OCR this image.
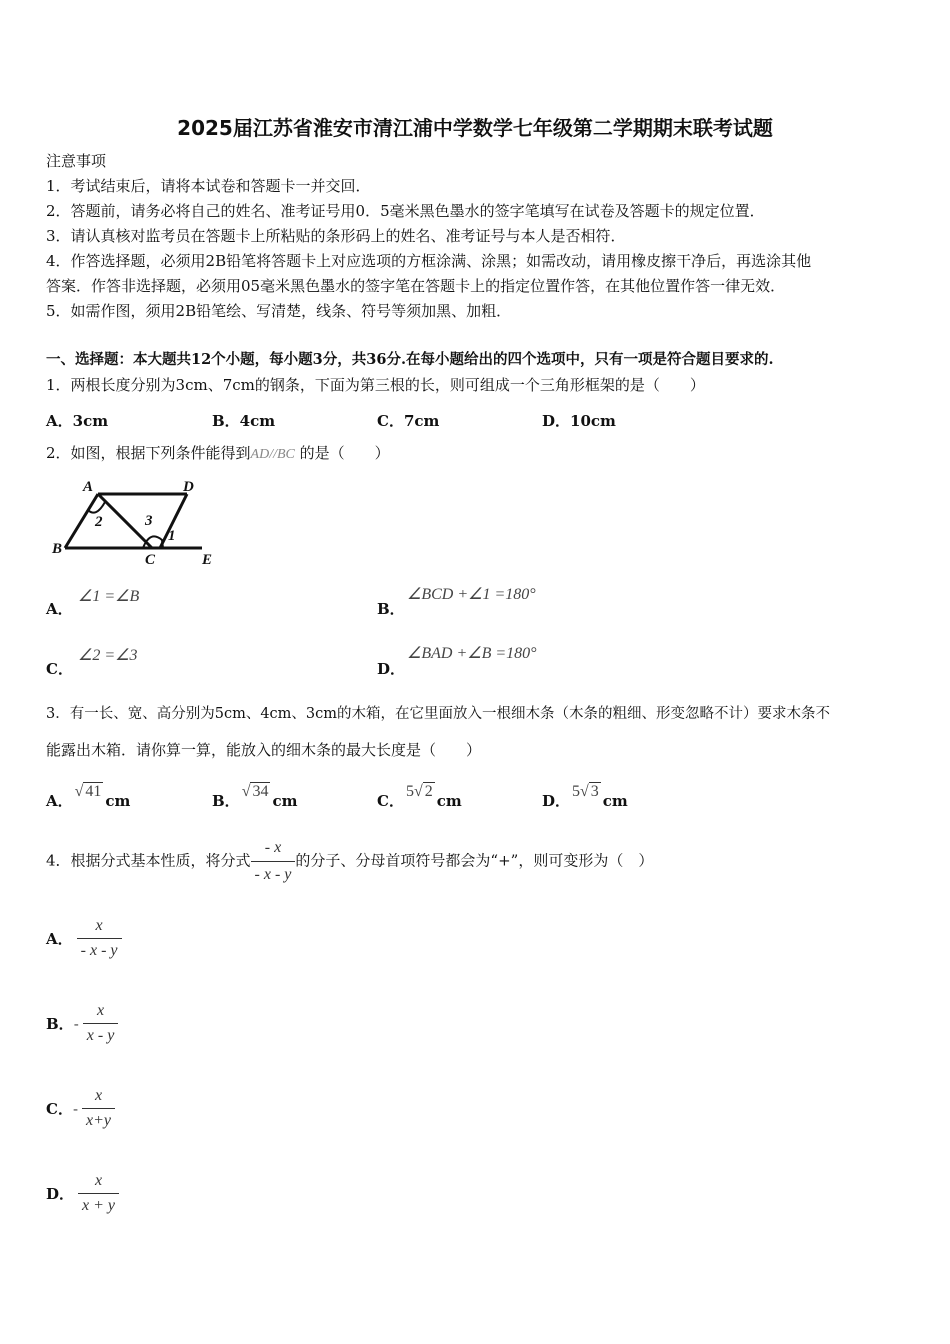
2025届江苏省淮安市清江浦中学数学七年级第二学期期末联考试题
注意事项
1．考试结束后，请将本试卷和答题卡一并交回．
2．答题前，请务必将自己的姓名、准考证号用0．5毫米黑色墨水的签字笔填写在试卷及答题卡的规定位置．
3．请认真核对监考员在答题卡上所粘贴的条形码上的姓名、准考证号与本人是否相符．
4．作答选择题，必须用2B铅笔将答题卡上对应选项的方框涂满、涂黑；如需改动，请用橡皮擦干净后，再选涂其他
答案．作答非选择题，必须用05毫米黑色墨水的签字笔在答题卡上的指定位置作答，在其他位置作答一律无效．
5．如需作图，须用2B铅笔绘、写清楚，线条、符号等须加黑、加粗．
一、选择题：本大题共12个小题，每小题3分，共36分.在每小题给出的四个选项中，只有一项是符合题目要求的.
1．两根长度分别为3cm、7cm的钢条，下面为第三根的长，则可组成一个三角形框架的是（　　）
A．3cm	B．4cm	C．7cm	D．10cm
2．如图，根据下列条件能得到AD//BC 的是（　　）
A	D
B
C	E
1
2	3
A．
∠1 =∠B
B．
∠BCD +∠1 =180°
C．
∠2 =∠3
D．
∠BAD +∠B =180°
3．有一长、宽、高分别为5cm、4cm、3cm的木箱，在它里面放入一根细木条（木条的粗细、形变忽略不计）要求木条不
能露出木箱．请你算一算，能放入的细木条的最大长度是（　　）
4．根据分式基本性质，将分式 $\frac{- x}{- x - y}$ 的分子、分母首项符号都会为“+”，则可变形为（　）
A．√ 41cm	B．√ 34cm	C．5√ 2cm	D．5√ 3cm
A． $\frac{x}{- x - y}$
B．- $\frac{x}{x - y}$
C．- $\frac{x}{x+y}$
D． $\frac{x}{x + y}$
